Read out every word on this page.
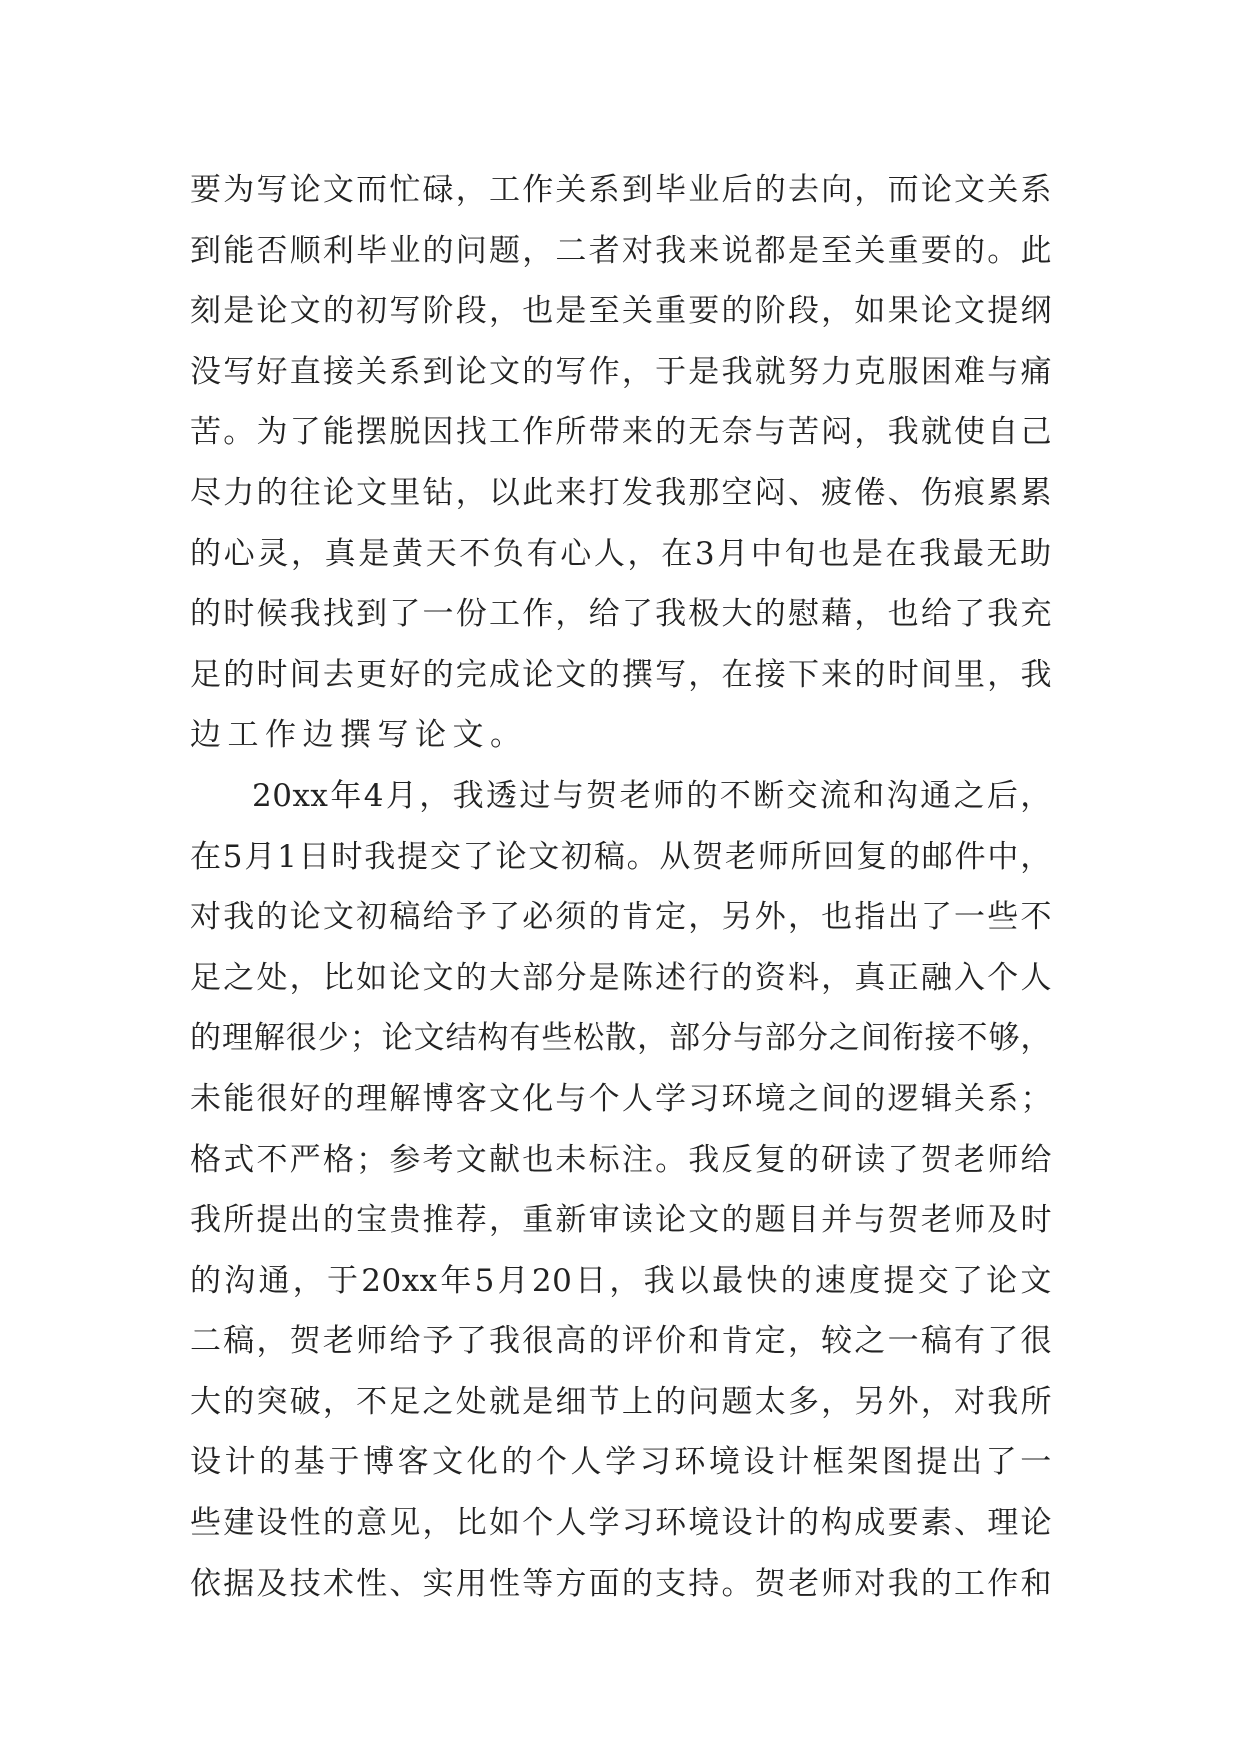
要 为 写 论 文 而 忙 碌 ， 工 作 关 系 到 毕 业 后 的 去 向 ， 而 论 文 关 系
到 能 否 顺 利 毕 业 的 问 题 ， 二 者 对 我 来 说 都 是 至 关 重 要 的 。 此
刻 是 论 文 的 初 写 阶 段 ， 也 是 至 关 重 要 的 阶 段 ， 如 果 论 文 提 纲
没 写 好 直 接 关 系 到 论 文 的 写 作 ， 于 是 我 就 努 力 克 服 困 难 与 痛
苦 。 为 了 能 摆 脱 因 找 工 作 所 带 来 的 无 奈 与 苦 闷 ， 我 就 使 自 己
尽 力 的 往 论 文 里 钻 ， 以 此 来 打 发 我 那 空 闷 、 疲 倦 、 伤 痕 累 累
的 心 灵 ， 真 是 黄 天 不 负 有 心 人 ， 在 3 月 中 旬 也 是 在 我 最 无 助
的 时 候 我 找 到 了 一 份 工 作 ， 给 了 我 极 大 的 慰 藉 ， 也 给 了 我 充
足 的 时 间 去 更 好 的 完 成 论 文 的 撰 写 ， 在 接 下 来 的 时 间 里 ， 我
边 工 作 边 撰 写 论 文 。
20xx 年 4 月 ， 我 透 过 与 贺 老 师 的 不 断 交 流 和 沟 通 之 后 ，
在 5 月 1 日 时 我 提 交 了 论 文 初 稿 。 从 贺 老 师 所 回 复 的 邮 件 中 ，
对 我 的 论 文 初 稿 给 予 了 必 须 的 肯 定 ， 另 外 ， 也 指 出 了 一 些 不
足 之 处 ， 比 如 论 文 的 大 部 分 是 陈 述 行 的 资 料 ， 真 正 融 入 个 人
的 理 解 很 少 ； 论 文 结 构 有 些 松 散 ， 部 分 与 部 分 之 间 衔 接 不 够 ，
未 能 很 好 的 理 解 博 客 文 化 与 个 人 学 习 环 境 之 间 的 逻 辑 关 系 ；
格 式 不 严 格 ； 参 考 文 献 也 未 标 注 。 我 反 复 的 研 读 了 贺 老 师 给
我 所 提 出 的 宝 贵 推 荐 ， 重 新 审 读 论 文 的 题 目 并 与 贺 老 师 及 时
的 沟 通 ， 于 20xx 年 5 月 20 日 ， 我 以 最 快 的 速 度 提 交 了 论 文
二 稿 ， 贺 老 师 给 予 了 我 很 高 的 评 价 和 肯 定 ， 较 之 一 稿 有 了 很
大 的 突 破 ， 不 足 之 处 就 是 细 节 上 的 问 题 太 多 ， 另 外 ， 对 我 所
设 计 的 基 于 博 客 文 化 的 个 人 学 习 环 境 设 计 框 架 图 提 出 了 一
些 建 设 性 的 意 见 ， 比 如 个 人 学 习 环 境 设 计 的 构 成 要 素 、 理 论
依 据 及 技 术 性 、 实 用 性 等 方 面 的 支 持 。 贺 老 师 对 我 的 工 作 和
